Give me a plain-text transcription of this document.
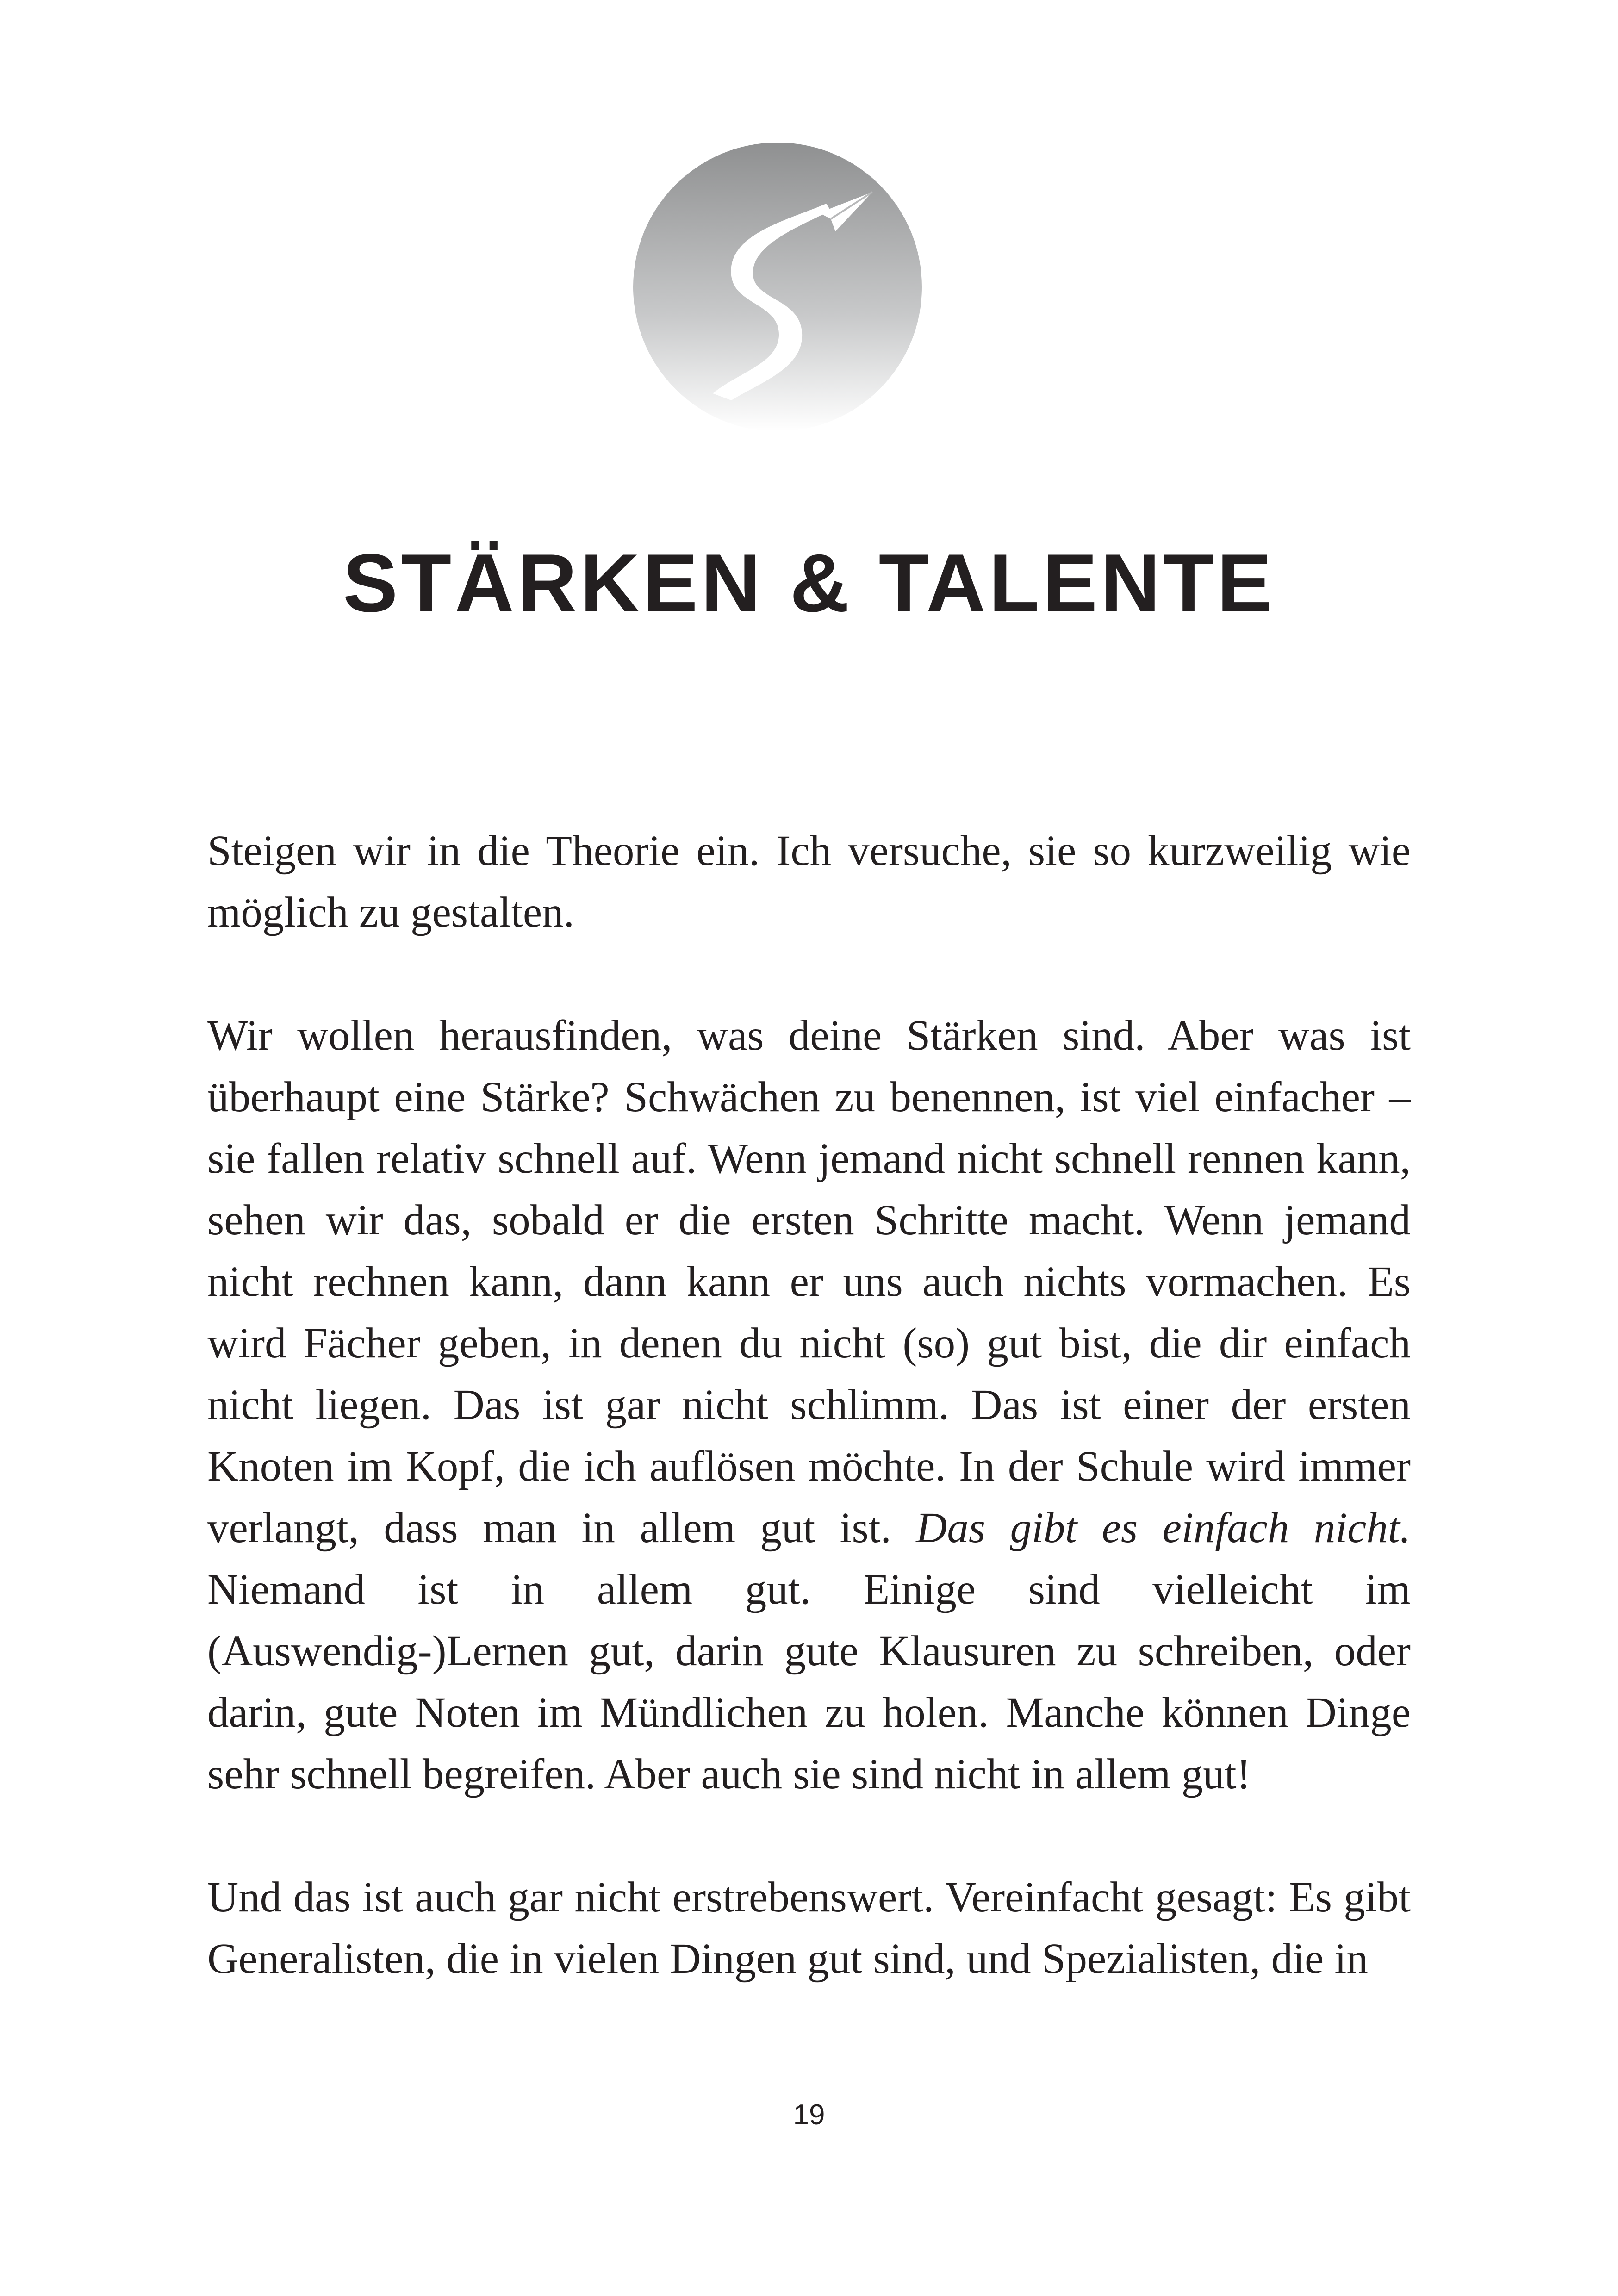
STÄRKEN & TALENTE

Steigen wir in die Theorie ein. Ich versuche, sie so kurzweilig wie möglich zu gestalten.

Wir wollen herausfinden, was deine Stärken sind. Aber was ist überhaupt eine Stärke? Schwächen zu benennen, ist viel einfacher – sie fallen relativ schnell auf. Wenn jemand nicht schnell rennen kann, sehen wir das, sobald er die ersten Schritte macht. Wenn jemand nicht rechnen kann, dann kann er uns auch nichts vormachen. Es wird Fächer geben, in denen du nicht (so) gut bist, die dir einfach nicht liegen. Das ist gar nicht schlimm. Das ist einer der ersten Knoten im Kopf, die ich auflösen möchte. In der Schule wird immer verlangt, dass man in allem gut ist. Das gibt es einfach nicht. Niemand ist in allem gut. Einige sind vielleicht im (Auswendig-)Lernen gut, darin gute Klausuren zu schreiben, oder darin, gute Noten im Mündlichen zu holen. Manche können Dinge sehr schnell begreifen. Aber auch sie sind nicht in allem gut!

Und das ist auch gar nicht erstrebenswert. Vereinfacht gesagt: Es gibt Generalisten, die in vielen Dingen gut sind, und Spezialisten, die in

19
